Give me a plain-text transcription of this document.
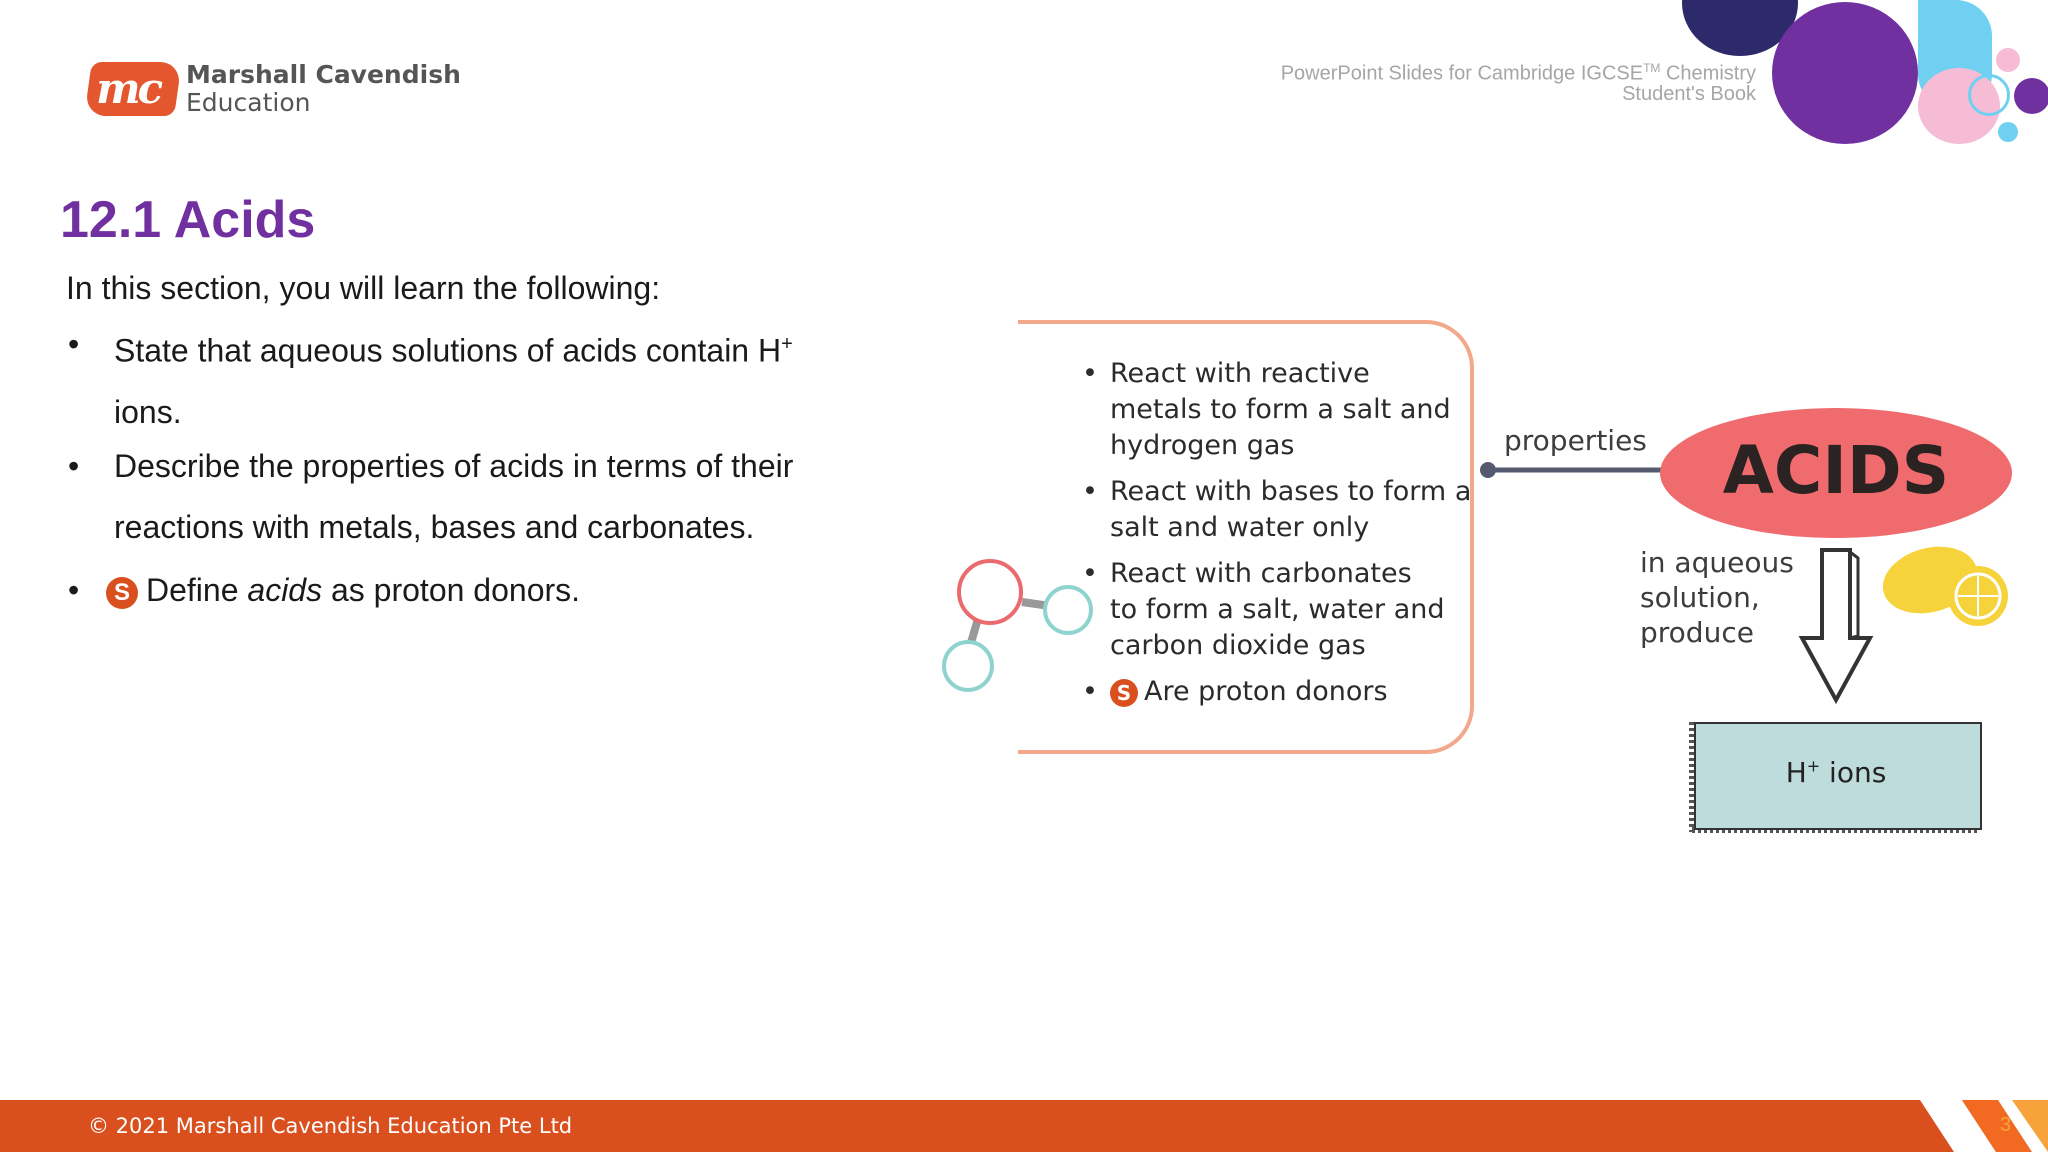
mc Marshall Cavendish
Education
PowerPoint Slides for Cambridge IGCSE™ Chemistry
Student's Book
12.1 Acids
In this section, you will learn the following:
• State that aqueous solutions of acids contain H+
ions.
• Describe the properties of acids in terms of their
reactions with metals, bases and carbonates.
• S Define acids as proton donors.
• React with reactive
metals to form a salt and
hydrogen gas
• React with bases to form a
salt and water only
• React with carbonates
to form a salt, water and
carbon dioxide gas
• S Are proton donors
properties	ACIDS
in aqueous
solution,
produce
H+ ions
© 2021 Marshall Cavendish Education Pte Ltd	3
